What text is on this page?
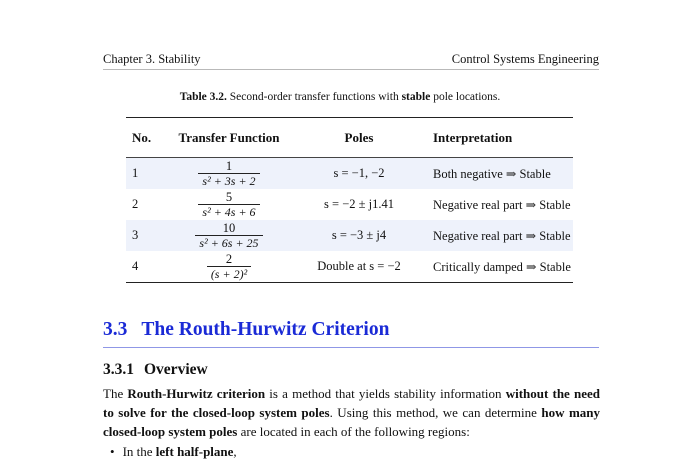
Chapter 3. Stability	Control Systems Engineering
Table 3.2. Second-order transfer functions with stable pole locations.
No.	Transfer Function	Poles	Interpretation
1	$\frac{1}{\text{s² + 3s + 2}}$	s = −1, −2	Both negative ⇒ Stable
2	$\frac{5}{\text{s² + 4s + 6}}$	s = −2 ± j1.41	Negative real part ⇒ Stable
3	$\frac{10}{\text{s² + 6s + 25}}$	s = −3 ± j4	Negative real part ⇒ Stable
4	$\frac{2}{\text{(s + 2)²}}$	Double at s = −2	Critically damped ⇒ Stable
3.3 The Routh-Hurwitz Criterion
3.3.1 Overview
The Routh-Hurwitz criterion is a method that yields stability information without the need to solve for the closed-loop system poles. Using this method, we can determine how many closed-loop system poles are located in each of the following regions:
• In the left half-plane,
